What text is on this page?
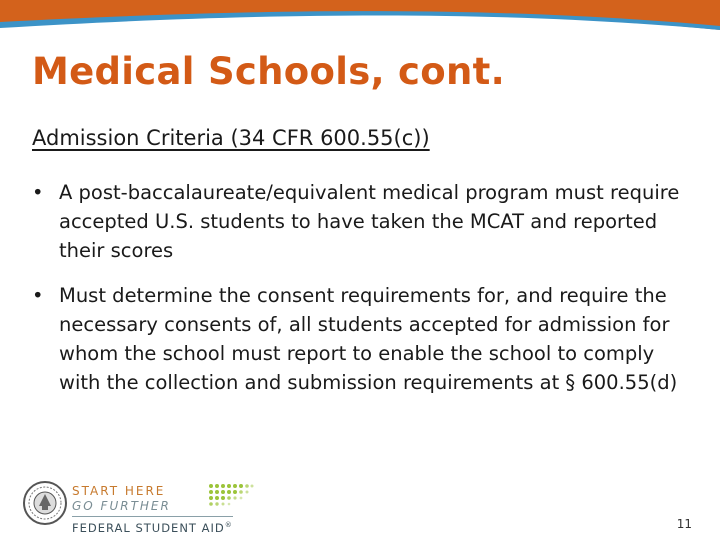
Medical Schools, cont.
Admission Criteria (34 CFR 600.55(c))
• A post-baccalaureate/equivalent medical program must require accepted U.S. students to have taken the MCAT and reported their scores
• Must determine the consent requirements for, and require the necessary consents of, all students accepted for admission for whom the school must report to enable the school to comply with the collection and submission requirements at § 600.55(d)
START HERE
GO FURTHER
FEDERAL STUDENT AID®	11
